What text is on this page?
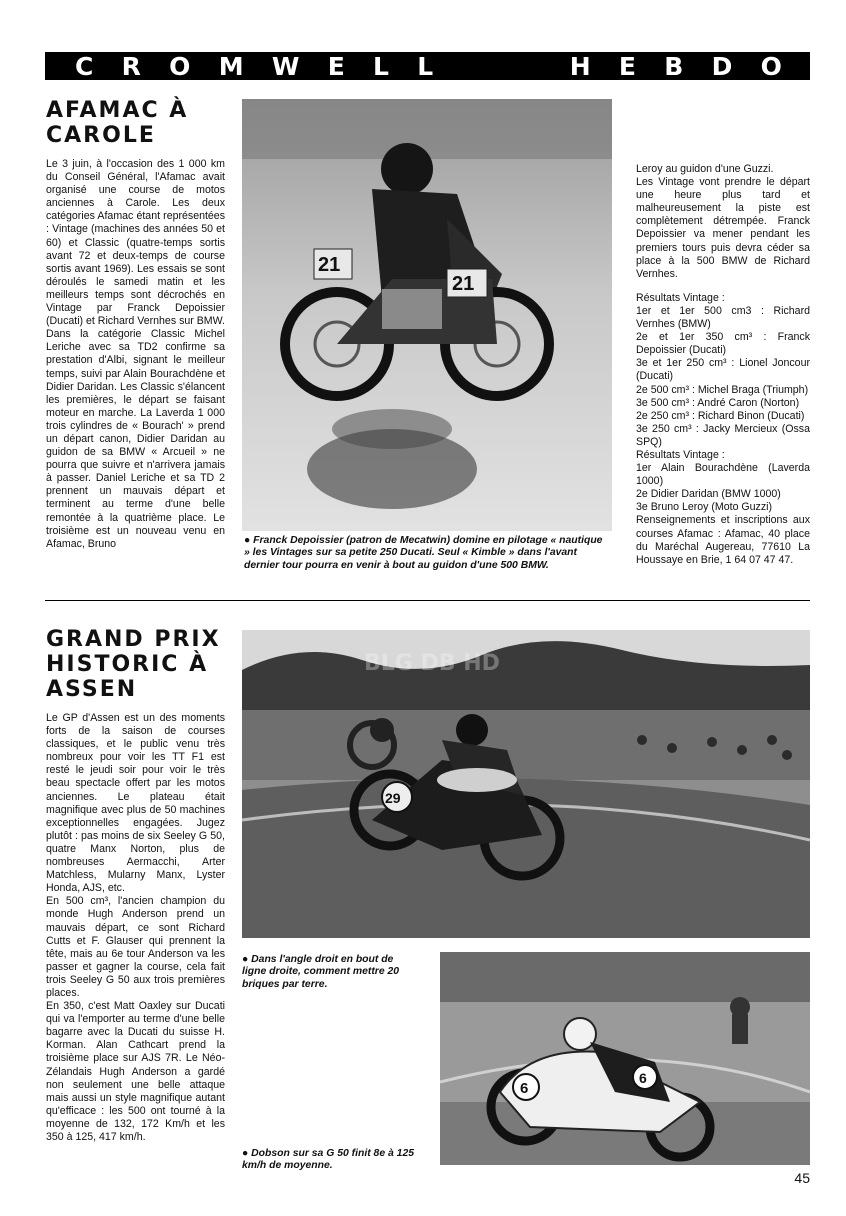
C R O M W E L L	H E B D O
AFAMAC À
CAROLE

Le 3 juin, à l'occasion des 1 000 km du Conseil Général, l'Afamac avait organisé une course de motos anciennes à Carole. Les deux catégories Afamac étant représentées : Vintage (machines des années 50 et 60) et Classic (quatre-temps sortis avant 72 et deux-temps de course sortis avant 1969). Les essais se sont déroulés le samedi matin et les meilleurs temps sont décrochés en Vintage par Franck Depoissier (Ducati) et Richard Vernhes sur BMW.

Dans la catégorie Classic Michel Leriche avec sa TD2 confirme sa prestation d'Albi, signant le meilleur temps, suivi par Alain Bourachdène et Didier Daridan. Les Classic s'élancent les premières, le départ se faisant moteur en marche. La Laverda 1 000 trois cylindres de « Bourach' » prend un départ canon, Didier Daridan au guidon de sa BMW « Arcueil » ne pourra que suivre et n'arrivera jamais à passer. Daniel Leriche et sa TD 2 prennent un mauvais départ et terminent au terme d'une belle remontée à la quatrième place. Le troisième est un nouveau venu en Afamac, Bruno

21
21
● Franck Depoissier (patron de Mecatwin) domine en pilotage « nautique » les Vintages sur sa petite 250 Ducati. Seul « Kimble » dans l'avant dernier tour pourra en venir à bout au guidon d'une 500 BMW.

Leroy au guidon d'une Guzzi.

Les Vintage vont prendre le départ une heure plus tard et malheureusement la piste est complètement détrempée. Franck Depoissier va mener pendant les premiers tours puis devra céder sa place à la 500 BMW de Richard Vernhes.

Résultats Vintage :

1er et 1er 500 cm3 : Richard Vernhes (BMW)

2e et 1er 350 cm³ : Franck Depoissier (Ducati)

3e et 1er 250 cm³ : Lionel Joncour (Ducati)

2e 500 cm³ : Michel Braga (Triumph)

3e 500 cm³ : André Caron (Norton)

2e 250 cm³ : Richard Binon (Ducati)

3e 250 cm³ : Jacky Mercieux (Ossa SPQ)

Résultats Vintage :

1er Alain Bourachdène (Laverda 1000)

2e Didier Daridan (BMW 1000)

3e Bruno Leroy (Moto Guzzi)

Renseignements et inscriptions aux courses Afamac : Afamac, 40 place du Maréchal Augereau, 77610 La Houssaye en Brie, 1 64 07 47 47.

GRAND PRIX
HISTORIC À
ASSEN

Le GP d'Assen est un des moments forts de la saison de courses classiques, et le public venu très nombreux pour voir les TT F1 est resté le jeudi soir pour voir le très beau spectacle offert par les motos anciennes. Le plateau était magnifique avec plus de 50 machines exceptionnelles engagées. Jugez plutôt : pas moins de six Seeley G 50, quatre Manx Norton, plus de nombreuses Aermacchi, Arter Matchless, Mularny Manx, Lyster Honda, AJS, etc.

En 500 cm³, l'ancien champion du monde Hugh Anderson prend un mauvais départ, ce sont Richard Cutts et F. Glauser qui prennent la tête, mais au 6e tour Anderson va les passer et gagner la course, cela fait trois Seeley G 50 aux trois premières places.

En 350, c'est Matt Oaxley sur Ducati qui va l'emporter au terme d'une belle bagarre avec la Ducati du suisse H. Korman. Alan Cathcart prend la troisième place sur AJS 7R. Le Néo-Zélandais Hugh Anderson a gardé non seulement une belle attaque mais aussi un style magnifique autant qu'efficace : les 500 ont tourné à la moyenne de 132, 172 Km/h et les 350 à 125, 417 km/h.

29
BLG DB HD
● Dans l'angle droit en bout de ligne droite, comment mettre 20 briques par terre.
6
6
● Dobson sur sa G 50 finit 8e à 125 km/h de moyenne.
45
